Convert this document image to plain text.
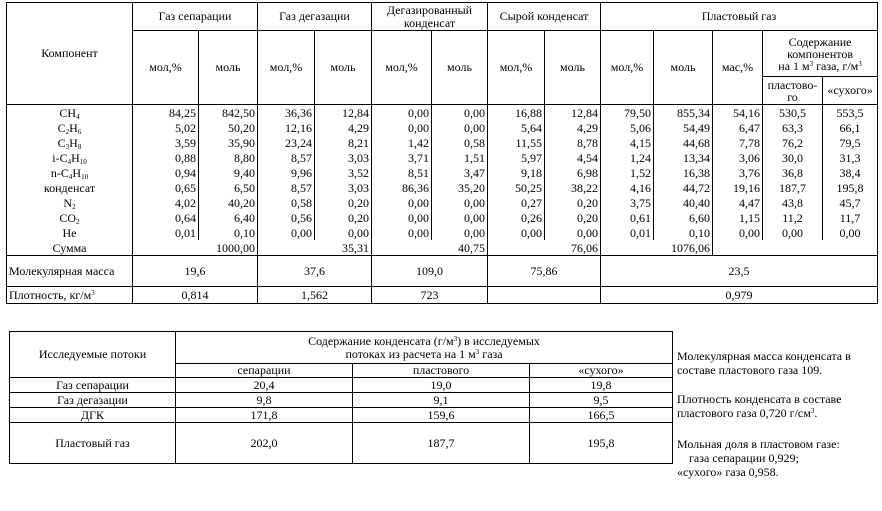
Компонент	Газ сепарации		Газ дегазации		Дегазированный конденсат		Сырой конденсат		Пластовый газ				
	мол,%	моль	мол,%	моль	мол,%	моль	мол,%	моль	мол,%	моль	мас,%	Содержание компонентов
на 1 $м^3$ газа, $г/м^3$
												пластово-го	«сухого»
$CH_4$	84,25	842,50	36,36	12,84	0,00	0,00	16,88	12,84	79,50	855,34	54,16	530,5	553,5
$C_2H_6$	5,02	50,20	12,16	4,29	0,00	0,00	5,64	4,29	5,06	54,49	6,47	63,3	66,1
$C_3H_8$	3,59	35,90	23,24	8,21	1,42	0,58	11,55	8,78	4,15	44,68	7,78	76,2	79,5
$i-C_4H_{10}$	0,88	8,80	8,57	3,03	3,71	1,51	5,97	4,54	1,24	13,34	3,06	30,0	31,3
$n-C_4H_{10}$	0,94	9,40	9,96	3,52	8,51	3,47	9,18	6,98	1,52	16,38	3,76	36,8	38,4
конденсат	0,65	6,50	8,57	3,03	86,36	35,20	50,25	38,22	4,16	44,72	19,16	187,7	195,8
$N_2$	4,02	40,20	0,58	0,20	0,00	0,00	0,27	0,20	3,75	40,40	4,47	43,8	45,7
$CO_2$	0,64	6,40	0,56	0,20	0,00	0,00	0,26	0,20	0,61	6,60	1,15	11,2	11,7
He	0,01	0,10	0,00	0,00	0,00	0,00	0,00	0,00	0,01	0,10	0,00	0,00	0,00
Сумма	1000,00		35,31		40,75		76,06		1076,06				
Молекулярная масса	19,6		37,6		109,0		75,86		23,5				
Плотность, $кг/м^3$	0,814		1,562		723				0,979				
Исследуемые потоки	Содержание конденсата $(г/м^3)$ в исследуемых
потоках из расчета на 1 $м^3$ газа		
	сепарации	пластового	«сухого»
Газ сепарации	20,4	19,0	19,8
Газ дегазации	9,8	9,1	9,5
ДГК	171,8	159,6	166,5
Пластовый газ	202,0	187,7	195,8
Молекулярная масса конденсата в составе пластового газа 109.
Плотность конденсата в составе пластового газа 0,720 $г/см^3$.
Мольная доля в пластовом газе:
газа сепарации 0,929;
«сухого» газа 0,958.
